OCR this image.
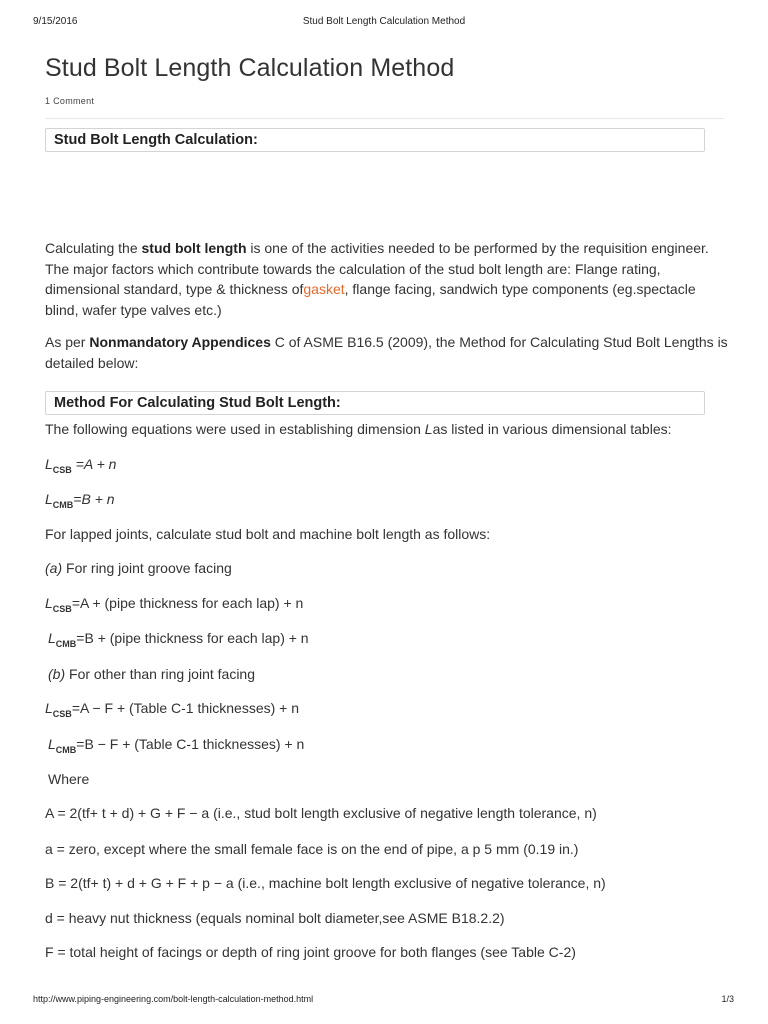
9/15/2016	Stud Bolt Length Calculation Method
Stud Bolt Length Calculation Method
1 Comment
Stud Bolt Length Calculation:

Calculating the stud bolt length is one of the activities needed to be performed by the requisition engineer. The major factors which contribute towards the calculation of the stud bolt length are: Flange rating, dimensional standard, type & thickness ofgasket, flange facing, sandwich type components (eg.spectacle blind, wafer type valves etc.)

As per Nonmandatory Appendices C of ASME B16.5 (2009), the Method for Calculating Stud Bolt Lengths is detailed below:

Method For Calculating Stud Bolt Length:

The following equations were used in establishing dimension Las listed in various dimensional tables:

$L_{CSB} =A + n$

$L_{CMB}=B + n$

For lapped joints, calculate stud bolt and machine bolt length as follows:

(a) For ring joint groove facing

$L_{CSB}=A$ + (pipe thickness for each lap) + n

$L_{CMB}=B$ + (pipe thickness for each lap) + n

(b) For other than ring joint facing

$L_{CSB}=A - F$ + (Table C-1 thicknesses) + n

$L_{CMB}=B - F$ + (Table C-1 thicknesses) + n

Where

A = 2(tf+ t + d) + G + F − a (i.e., stud bolt length exclusive of negative length tolerance, n)

a = zero, except where the small female face is on the end of pipe, a p 5 mm (0.19 in.)

B = 2(tf+ t) + d + G + F + p − a (i.e., machine bolt length exclusive of negative tolerance, n)

d = heavy nut thickness (equals nominal bolt diameter,see ASME B18.2.2)

F = total height of facings or depth of ring joint groove for both flanges (see Table C-2)

http://www.piping-engineering.com/bolt-length-calculation-method.html	1/3
